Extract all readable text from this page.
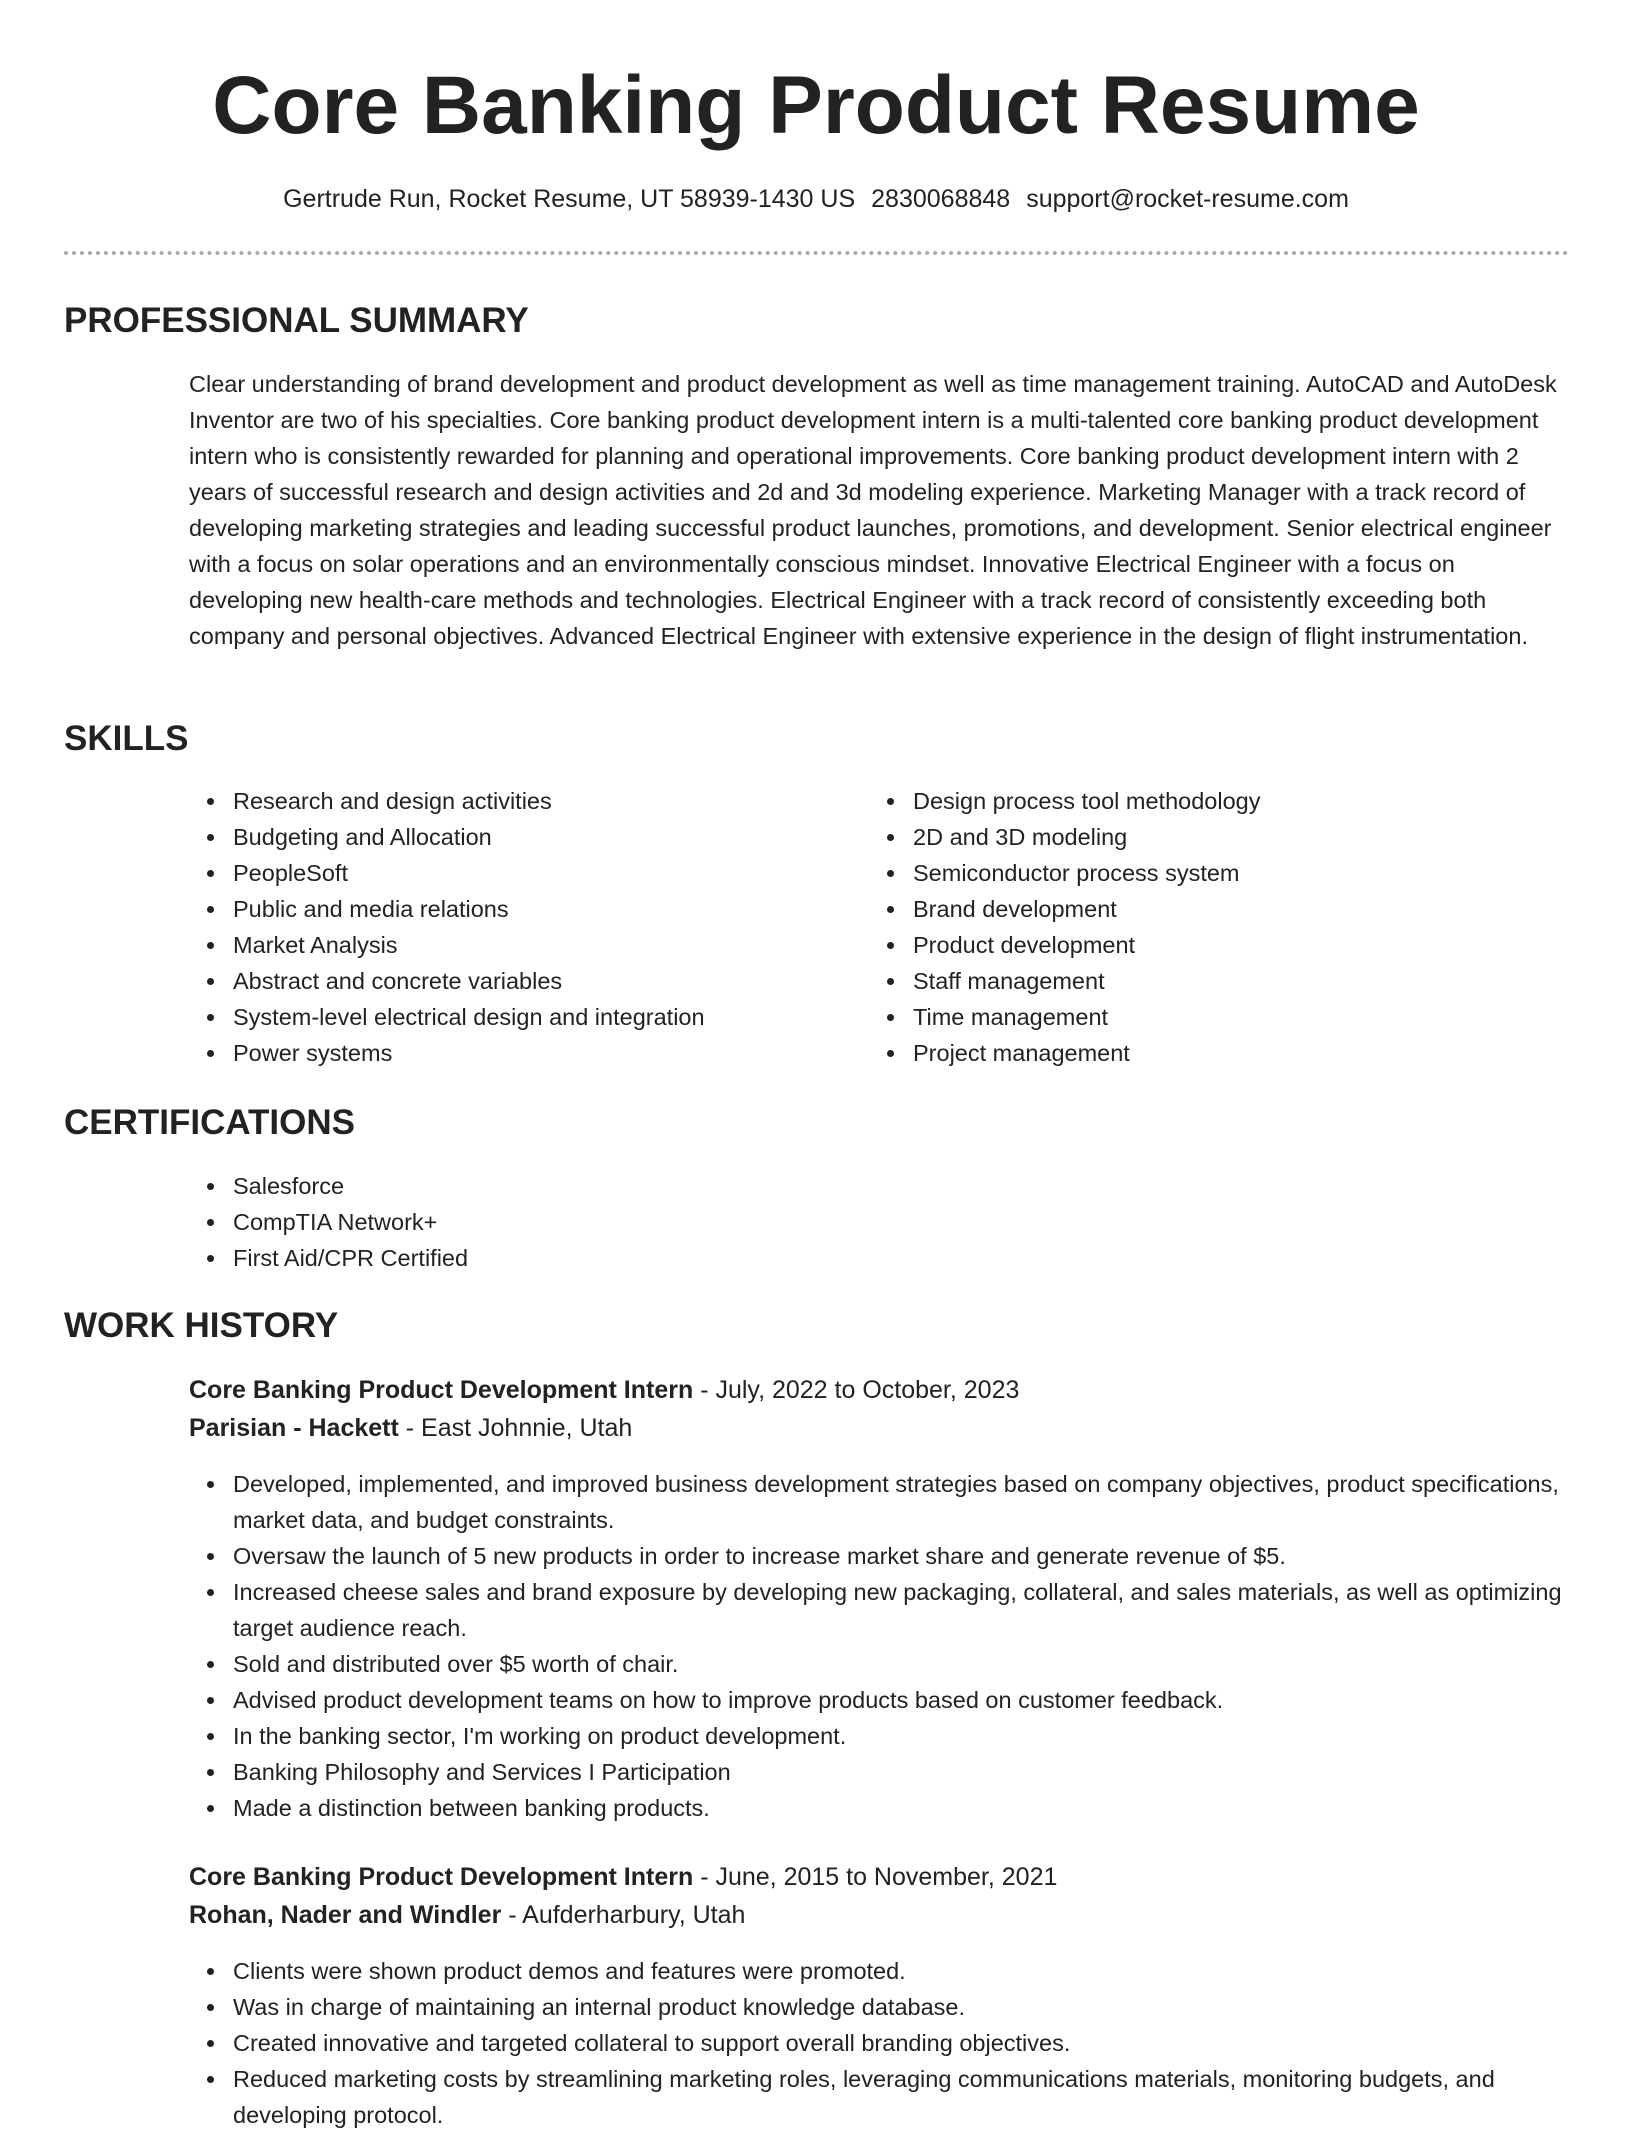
Core Banking Product Resume
Gertrude Run, Rocket Resume, UT 58939-1430 US 2830068848 support@rocket-resume.com
PROFESSIONAL SUMMARY

Clear understanding of brand development and product development as well as time management training. AutoCAD and AutoDesk Inventor are two of his specialties. Core banking product development intern is a multi-talented core banking product development intern who is consistently rewarded for planning and operational improvements. Core banking product development intern with 2 years of successful research and design activities and 2d and 3d modeling experience. Marketing Manager with a track record of developing marketing strategies and leading successful product launches, promotions, and development. Senior electrical engineer with a focus on solar operations and an environmentally conscious mindset. Innovative Electrical Engineer with a focus on developing new health-care methods and technologies. Electrical Engineer with a track record of consistently exceeding both company and personal objectives. Advanced Electrical Engineer with extensive experience in the design of flight instrumentation.

SKILLS
Research and design activities
Budgeting and Allocation
PeopleSoft
Public and media relations
Market Analysis
Abstract and concrete variables
System-level electrical design and integration
Power systems
Design process tool methodology
2D and 3D modeling
Semiconductor process system
Brand development
Product development
Staff management
Time management
Project management
CERTIFICATIONS
Salesforce
CompTIA Network+
First Aid/CPR Certified
WORK HISTORY
Core Banking Product Development Intern - July, 2022 to October, 2023
Parisian - Hackett - East Johnnie, Utah
Developed, implemented, and improved business development strategies based on company objectives, product specifications, market data, and budget constraints.
Oversaw the launch of 5 new products in order to increase market share and generate revenue of $5.
Increased cheese sales and brand exposure by developing new packaging, collateral, and sales materials, as well as optimizing target audience reach.
Sold and distributed over $5 worth of chair.
Advised product development teams on how to improve products based on customer feedback.
In the banking sector, I'm working on product development.
Banking Philosophy and Services I Participation
Made a distinction between banking products.
Core Banking Product Development Intern - June, 2015 to November, 2021
Rohan, Nader and Windler - Aufderharbury, Utah
Clients were shown product demos and features were promoted.
Was in charge of maintaining an internal product knowledge database.
Created innovative and targeted collateral to support overall branding objectives.
Reduced marketing costs by streamlining marketing roles, leveraging communications materials, monitoring budgets, and developing protocol.
